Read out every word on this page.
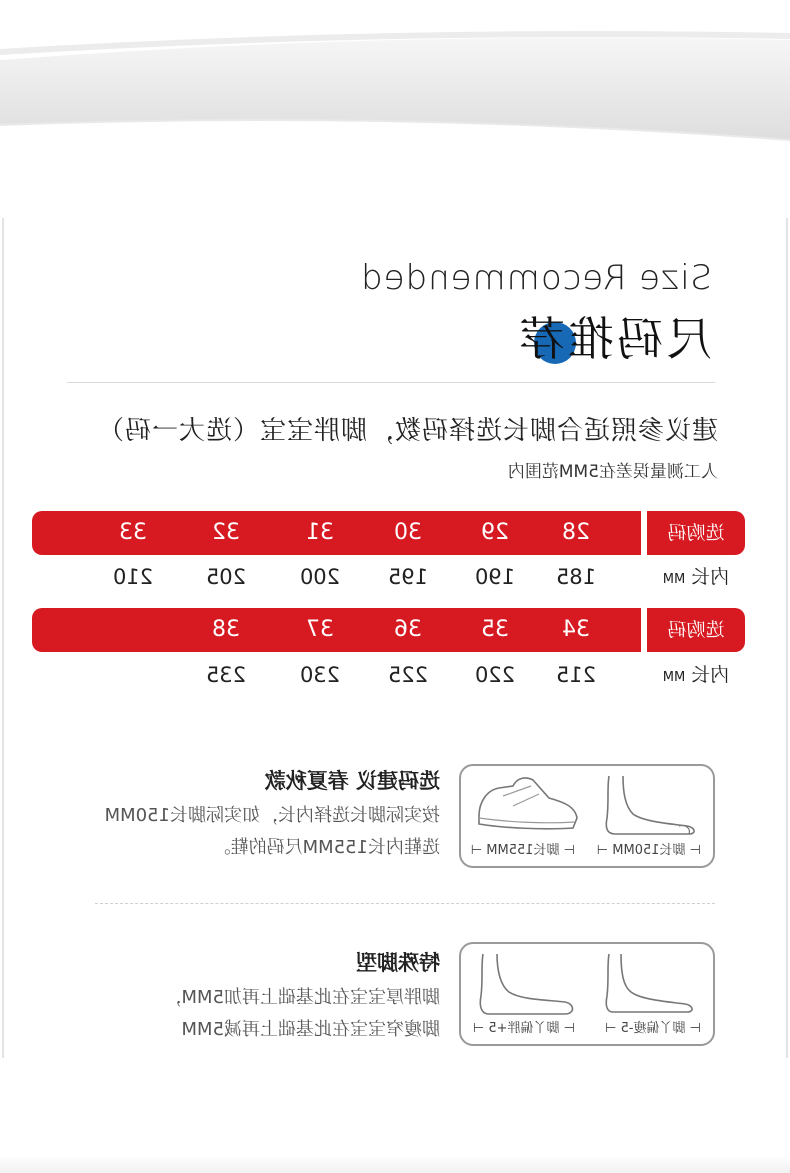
Size Recommended
尺码推荐
建议参照适合脚长选择码数，脚胖宝宝（选大一码）
人工测量误差在5MM范围内
选购码
28
29
30
31
32
33
内长MM
185
190
195
200
205
210
选购码
34
35
36
37
38
内长MM
215
220
225
230
235
⊢ 脚长150MM ⊣
⊢ 脚长155MM ⊣
选码建议 春夏秋款
按实际脚长选择内长，如实际脚长150MM
选鞋内长155MM尺码的鞋。
⊢ 脚丫偏瘦-5 ⊣
⊢ 脚丫偏胖+5 ⊣
特殊脚型
脚胖厚宝宝在此基础上再加5MM，
脚瘦窄宝宝在此基础上再减5MM
